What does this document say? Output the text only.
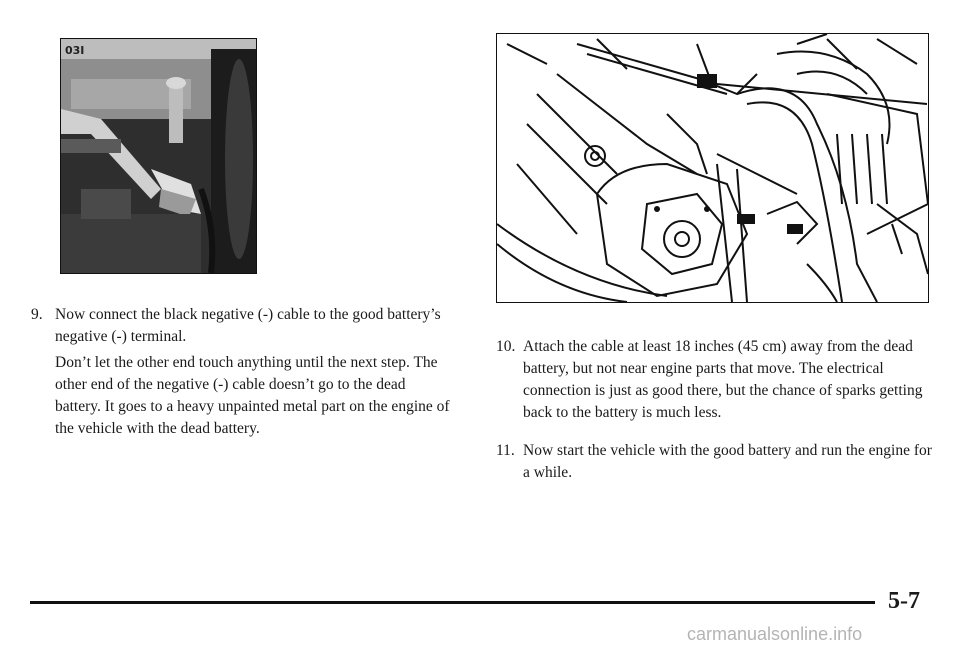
03I
9. Now connect the black negative (-) cable to the good battery’s negative (-) terminal.
Don’t let the other end touch anything until the next step. The other end of the negative (-) cable doesn’t go to the dead battery. It goes to a heavy unpainted metal part on the engine of the vehicle with the dead battery.
10. Attach the cable at least 18 inches (45 cm) away from the dead battery, but not near engine parts that move. The electrical connection is just as good there, but the chance of sparks getting back to the battery is much less.
11. Now start the vehicle with the good battery and run the engine for a while.
5-7
carmanualsonline.info
